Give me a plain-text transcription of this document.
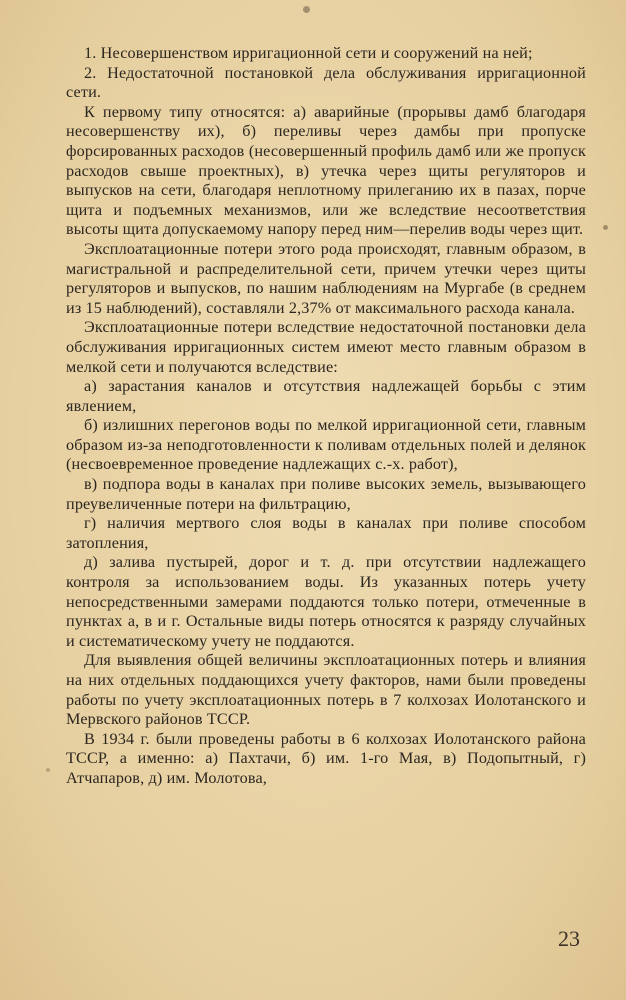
1. Несовершенством ирригационной сети и сооружений на ней;

2. Недостаточной постановкой дела обслуживания ирригационной сети.

К первому типу относятся: а) аварийные (прорывы дамб благодаря несовершенству их), б) переливы через дамбы при пропуске форсированных расходов (несовершенный профиль дамб или же пропуск расходов свыше проектных), в) утечка через щиты регуляторов и выпусков на сети, благодаря неплотному прилеганию их в пазах, порче щита и подъемных механизмов, или же вследствие несоответствия высоты щита допускаемому напору перед ним—перелив воды через щит.

Эксплоатационные потери этого рода происходят, главным образом, в магистральной и распределительной сети, причем утечки через щиты регуляторов и выпусков, по нашим наблюдениям на Мургабе (в среднем из 15 наблюдений), составляли 2,37% от максимального расхода канала.

Эксплоатационные потери вследствие недостаточной постановки дела обслуживания ирригационных систем имеют место главным образом в мелкой сети и получаются вследствие:

а) зарастания каналов и отсутствия надлежащей борьбы с этим явлением,

б) излишних перегонов воды по мелкой ирригационной сети, главным образом из-за неподготовленности к поливам отдельных полей и делянок (несвоевременное проведение надлежащих с.-х. работ),

в) подпора воды в каналах при поливе высоких земель, вызывающего преувеличенные потери на фильтрацию,

г) наличия мертвого слоя воды в каналах при поливе способом затопления,

д) залива пустырей, дорог и т. д. при отсутствии надлежащего контроля за использованием воды. Из указанных потерь учету непосредственными замерами поддаются только потери, отмеченные в пунктах а, в и г. Остальные виды потерь относятся к разряду случайных и систематическому учету не поддаются.

Для выявления общей величины эксплоатационных потерь и влияния на них отдельных поддающихся учету факторов, нами были проведены работы по учету эксплоатационных потерь в 7 колхозах Иолотанского и Мервского районов ТССР.

В 1934 г. были проведены работы в 6 колхозах Иолотанского района ТССР, а именно: а) Пахтачи, б) им. 1-го Мая, в) Подопытный, г) Атчапаров, д) им. Молотова,

23
